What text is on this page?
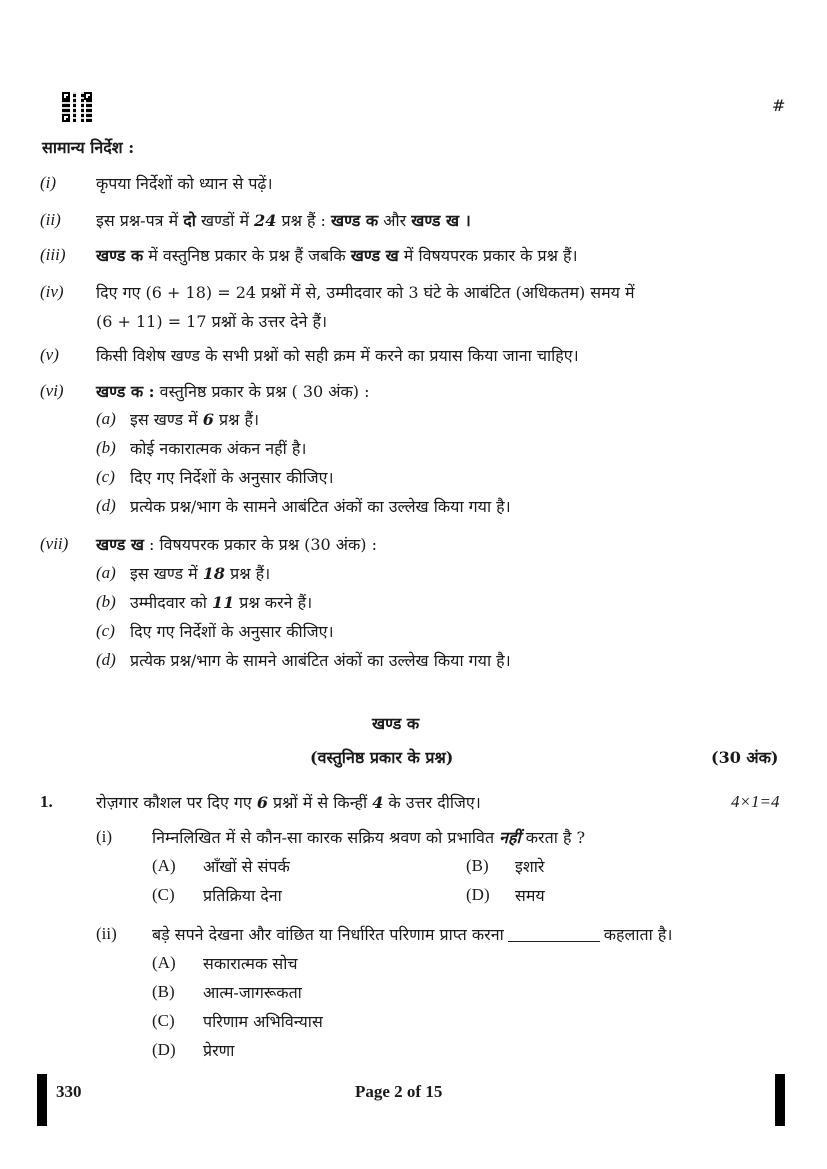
#
सामान्य निर्देश :
(i) कृपया निर्देशों को ध्यान से पढ़ें।
(ii) इस प्रश्न-पत्र में दो खण्डों में 24 प्रश्न हैं : खण्ड क और खण्ड ख ।
(iii) खण्ड क में वस्तुनिष्ठ प्रकार के प्रश्न हैं जबकि खण्ड ख में विषयपरक प्रकार के प्रश्न हैं।
(iv) दिए गए (6 + 18) = 24 प्रश्नों में से, उम्मीदवार को 3 घंटे के आबंटित (अधिकतम) समय में
(6 + 11) = 17 प्रश्नों के उत्तर देने हैं।
(v) किसी विशेष खण्ड के सभी प्रश्नों को सही क्रम में करने का प्रयास किया जाना चाहिए।
(vi) खण्ड क : वस्तुनिष्ठ प्रकार के प्रश्न ( 30 अंक) :
(a) इस खण्ड में 6 प्रश्न हैं।
(b) कोई नकारात्मक अंकन नहीं है।
(c) दिए गए निर्देशों के अनुसार कीजिए।
(d) प्रत्येक प्रश्न/भाग के सामने आबंटित अंकों का उल्लेख किया गया है।
(vii) खण्ड ख : विषयपरक प्रकार के प्रश्न (30 अंक) :
(a) इस खण्ड में 18 प्रश्न हैं।
(b) उम्मीदवार को 11 प्रश्न करने हैं।
(c) दिए गए निर्देशों के अनुसार कीजिए।
(d) प्रत्येक प्रश्न/भाग के सामने आबंटित अंकों का उल्लेख किया गया है।
खण्ड क
(वस्तुनिष्ठ प्रकार के प्रश्न)	(30 अंक)
1.	रोज़गार कौशल पर दिए गए 6 प्रश्नों में से किन्हीं 4 के उत्तर दीजिए।	4×1=4
(i) निम्नलिखित में से कौन-सा कारक सक्रिय श्रवण को प्रभावित नहीं करता है ?
(A) आँखों से संपर्क	(B) इशारे
(C) प्रतिक्रिया देना	(D) समय
(ii) बड़े सपने देखना और वांछित या निर्धारित परिणाम प्राप्त करना	कहलाता है।
(A) सकारात्मक सोच
(B) आत्म-जागरूकता
(C) परिणाम अभिविन्यास
(D) प्रेरणा
330	Page 2 of 15
